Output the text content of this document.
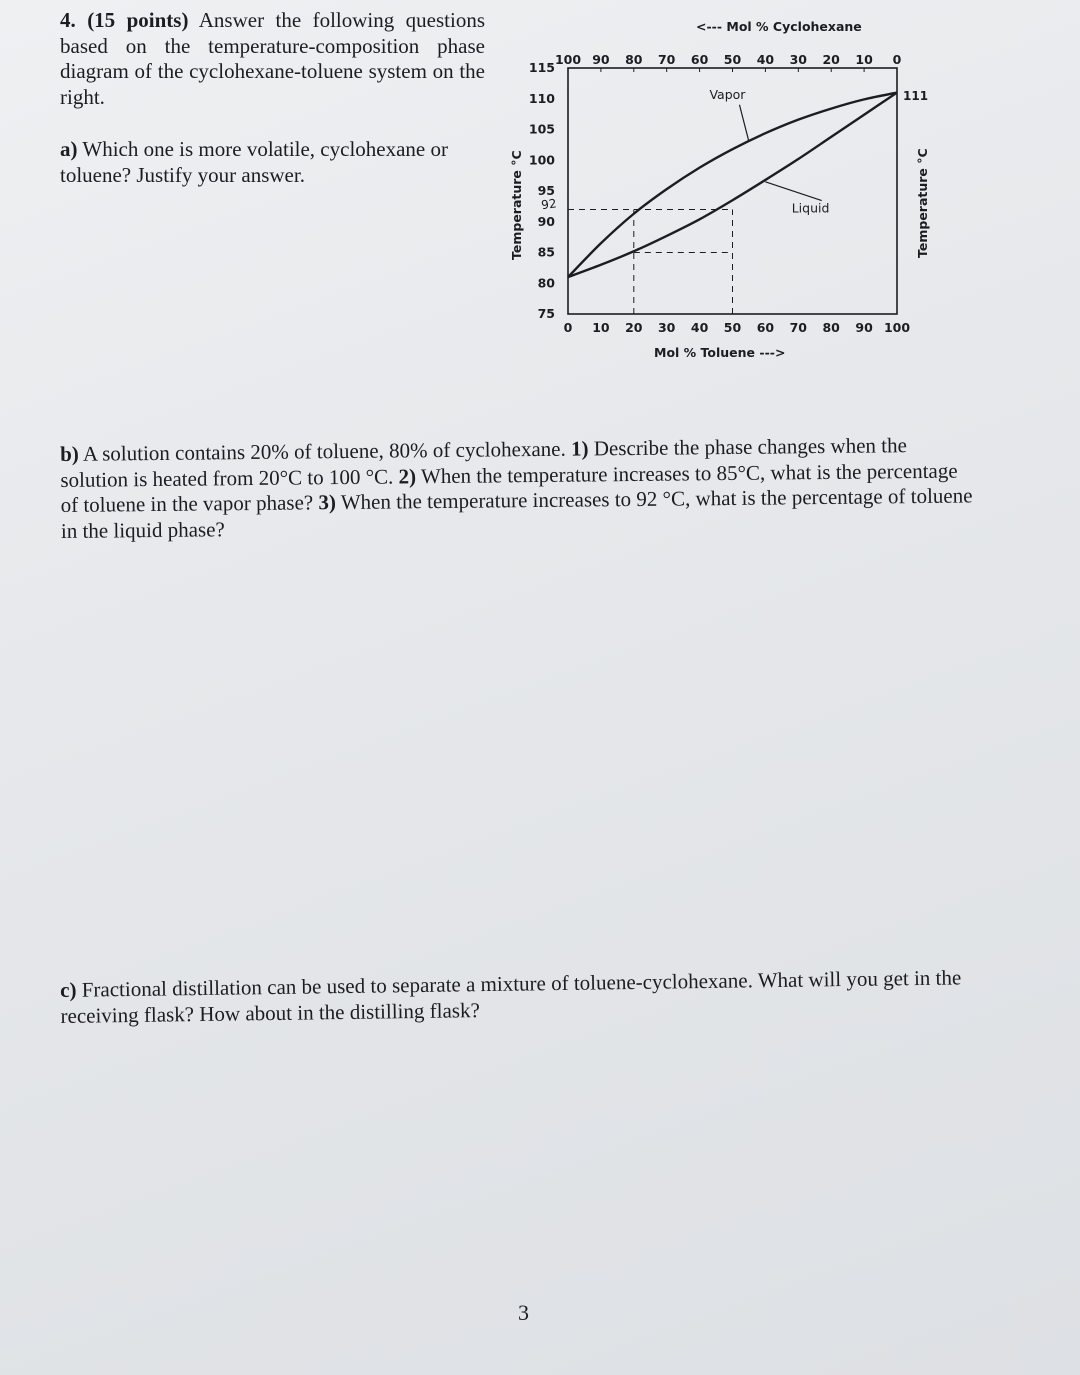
4. (15 points) Answer the following questions based on the temperature-composition phase diagram of the cyclohexane-toluene system on the right.
a) Which one is more volatile, cyclohexane or toluene? Justify your answer.
<--- Mol % Cyclohexane
100 90 80 70 60 50 40 30 20 10 0
75
80
85
90
95
100
105
110
115
0 10 20 30 40 50 60 70 80 90 100
Mol % Toluene --->
Temperature °C	Temperature °C
111
Vapor
Liquid
92
b) A solution contains 20% of toluene, 80% of cyclohexane. 1) Describe the phase changes when the solution is heated from 20°C to 100 °C. 2) When the temperature increases to 85°C, what is the percentage of toluene in the vapor phase? 3) When the temperature increases to 92 °C, what is the percentage of toluene in the liquid phase?
c) Fractional distillation can be used to separate a mixture of toluene-cyclohexane. What will you get in the receiving flask? How about in the distilling flask?
3
